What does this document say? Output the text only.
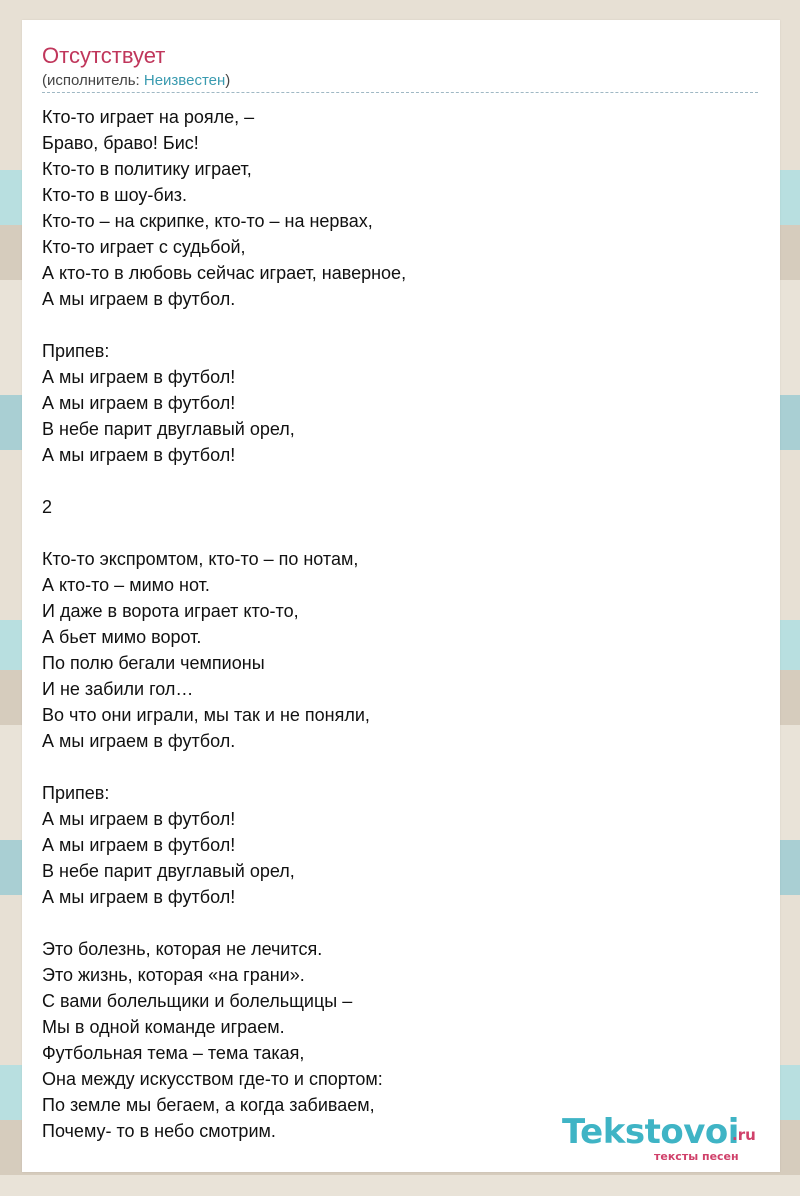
Отсутствует
(исполнитель: Неизвестен)
Кто-то играет на рояле, –
Браво, браво! Бис!
Кто-то в политику играет,
Кто-то в шоу-биз.
Кто-то – на скрипке, кто-то – на нервах,
Кто-то играет с судьбой,
А кто-то в любовь сейчас играет, наверное,
А мы играем в футбол.
Припев:
А мы играем в футбол!
А мы играем в футбол!
В небе парит двуглавый орел,
А мы играем в футбол!
2
Кто-то экспромтом, кто-то – по нотам,
А кто-то – мимо нот.
И даже в ворота играет кто-то,
А бьет мимо ворот.
По полю бегали чемпионы
И не забили гол…
Во что они играли, мы так и не поняли,
А мы играем в футбол.
Припев:
А мы играем в футбол!
А мы играем в футбол!
В небе парит двуглавый орел,
А мы играем в футбол!
Это болезнь, которая не лечится.
Это жизнь, которая «на грани».
С вами болельщики и болельщицы –
Мы в одной команде играем.
Футбольная тема – тема такая,
Она между искусством где-то и спортом:
По земле мы бегаем, а когда забиваем,
Почему- то в небо смотрим.	Tekstovoi
.ru
тексты песен
